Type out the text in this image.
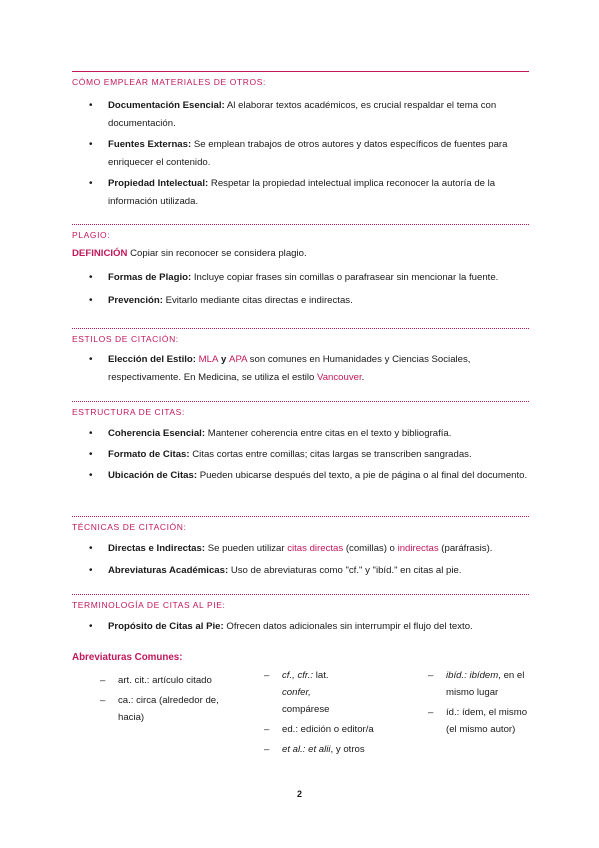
CÓMO EMPLEAR MATERIALES DE OTROS:
• Documentación Esencial: Al elaborar textos académicos, es crucial respaldar el tema con documentación.
• Fuentes Externas: Se emplean trabajos de otros autores y datos específicos de fuentes para enriquecer el contenido.
• Propiedad Intelectual: Respetar la propiedad intelectual implica reconocer la autoría de la información utilizada.
PLAGIO:
DEFINICIÓN Copiar sin reconocer se considera plagio.
• Formas de Plagio: Incluye copiar frases sin comillas o parafrasear sin mencionar la fuente.
• Prevención: Evitarlo mediante citas directas e indirectas.
ESTILOS DE CITACIÓN:
• Elección del Estilo: MLA y APA son comunes en Humanidades y Ciencias Sociales, respectivamente. En Medicina, se utiliza el estilo Vancouver.
ESTRUCTURA DE CITAS:
• Coherencia Esencial: Mantener coherencia entre citas en el texto y bibliografía.
• Formato de Citas: Citas cortas entre comillas; citas largas se transcriben sangradas.
• Ubicación de Citas: Pueden ubicarse después del texto, a pie de página o al final del documento.
TÉCNICAS DE CITACIÓN:
• Directas e Indirectas: Se pueden utilizar citas directas (comillas) o indirectas (paráfrasis).
• Abreviaturas Académicas: Uso de abreviaturas como "cf." y "ibíd." en citas al pie.
TERMINOLOGÍA DE CITAS AL PIE:
• Propósito de Citas al Pie: Ofrecen datos adicionales sin interrumpir el flujo del texto.
Abreviaturas Comunes:
– art. cit.: artículo citado
– ca.: circa (alrededor de, hacia)
– cf., cfr.: lat.
confer,
compárese
– ed.: edición o editor/a
– et al.: et alii, y otros
– ibíd.: ibídem, en el mismo lugar
– íd.: ídem, el mismo (el mismo autor)
2
